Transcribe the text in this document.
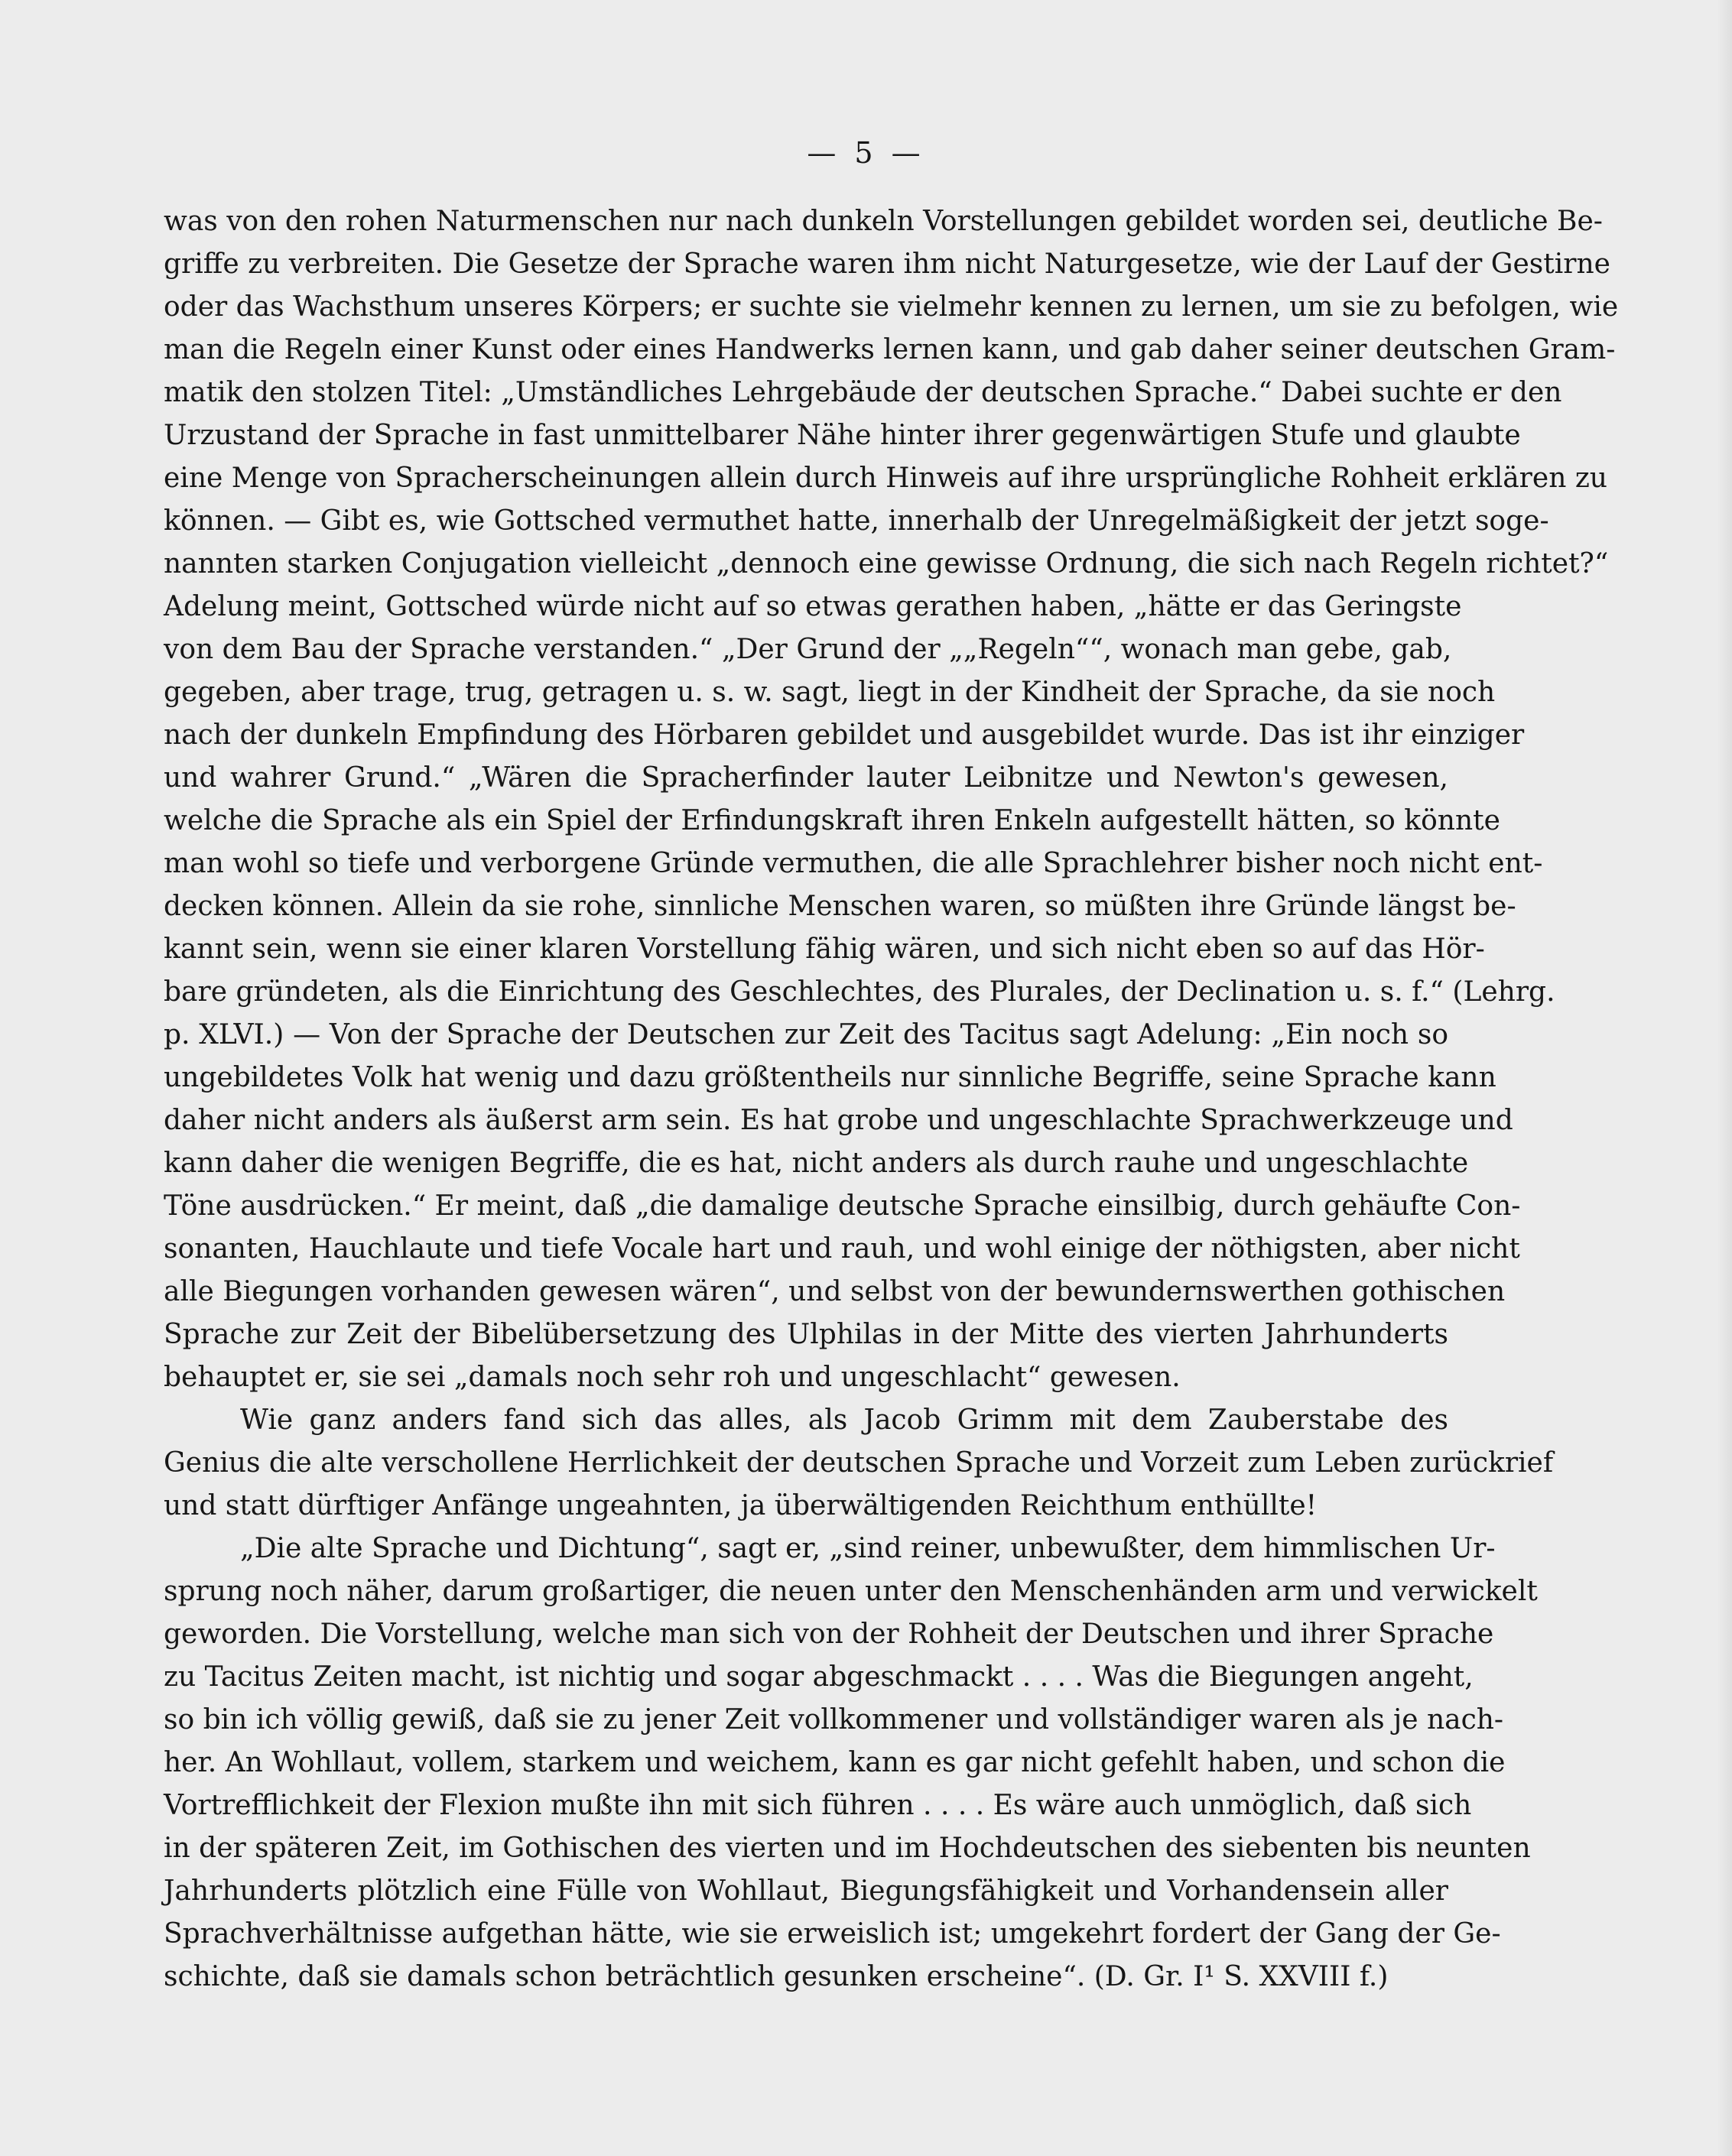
— 5 —
was von den rohen Naturmenschen nur nach dunkeln Vorstellungen gebildet worden sei, deutliche Be-
griffe zu verbreiten. Die Gesetze der Sprache waren ihm nicht Naturgesetze, wie der Lauf der Gestirne
oder das Wachsthum unseres Körpers; er suchte sie vielmehr kennen zu lernen, um sie zu befolgen, wie
man die Regeln einer Kunst oder eines Handwerks lernen kann, und gab daher seiner deutschen Gram-
matik den stolzen Titel: „Umständliches Lehrgebäude der deutschen Sprache.“ Dabei suchte er den
Urzustand der Sprache in fast unmittelbarer Nähe hinter ihrer gegenwärtigen Stufe und glaubte
eine Menge von Spracherscheinungen allein durch Hinweis auf ihre ursprüngliche Rohheit erklären zu
können. — Gibt es, wie Gottsched vermuthet hatte, innerhalb der Unregelmäßigkeit der jetzt soge-
nannten starken Conjugation vielleicht „dennoch eine gewisse Ordnung, die sich nach Regeln richtet?“
Adelung meint, Gottsched würde nicht auf so etwas gerathen haben, „hätte er das Geringste
von dem Bau der Sprache verstanden.“ „Der Grund der „„Regeln““, wonach man gebe, gab,
gegeben, aber trage, trug, getragen u. s. w. sagt, liegt in der Kindheit der Sprache, da sie noch
nach der dunkeln Empfindung des Hörbaren gebildet und ausgebildet wurde. Das ist ihr einziger
und wahrer Grund.“ „Wären die Spracherfinder lauter Leibnitze und Newton's gewesen,
welche die Sprache als ein Spiel der Erfindungskraft ihren Enkeln aufgestellt hätten, so könnte
man wohl so tiefe und verborgene Gründe vermuthen, die alle Sprachlehrer bisher noch nicht ent-
decken können. Allein da sie rohe, sinnliche Menschen waren, so müßten ihre Gründe längst be-
kannt sein, wenn sie einer klaren Vorstellung fähig wären, und sich nicht eben so auf das Hör-
bare gründeten, als die Einrichtung des Geschlechtes, des Plurales, der Declination u. s. f.“ (Lehrg.
p. XLVI.) — Von der Sprache der Deutschen zur Zeit des Tacitus sagt Adelung: „Ein noch so
ungebildetes Volk hat wenig und dazu größtentheils nur sinnliche Begriffe, seine Sprache kann
daher nicht anders als äußerst arm sein. Es hat grobe und ungeschlachte Sprachwerkzeuge und
kann daher die wenigen Begriffe, die es hat, nicht anders als durch rauhe und ungeschlachte
Töne ausdrücken.“ Er meint, daß „die damalige deutsche Sprache einsilbig, durch gehäufte Con-
sonanten, Hauchlaute und tiefe Vocale hart und rauh, und wohl einige der nöthigsten, aber nicht
alle Biegungen vorhanden gewesen wären“, und selbst von der bewundernswerthen gothischen
Sprache zur Zeit der Bibelübersetzung des Ulphilas in der Mitte des vierten Jahrhunderts
behauptet er, sie sei „damals noch sehr roh und ungeschlacht“ gewesen.
Wie ganz anders fand sich das alles, als Jacob Grimm mit dem Zauberstabe des
Genius die alte verschollene Herrlichkeit der deutschen Sprache und Vorzeit zum Leben zurückrief
und statt dürftiger Anfänge ungeahnten, ja überwältigenden Reichthum enthüllte!
„Die alte Sprache und Dichtung“, sagt er, „sind reiner, unbewußter, dem himmlischen Ur-
sprung noch näher, darum großartiger, die neuen unter den Menschenhänden arm und verwickelt
geworden. Die Vorstellung, welche man sich von der Rohheit der Deutschen und ihrer Sprache
zu Tacitus Zeiten macht, ist nichtig und sogar abgeschmackt . . . . Was die Biegungen angeht,
so bin ich völlig gewiß, daß sie zu jener Zeit vollkommener und vollständiger waren als je nach-
her. An Wohllaut, vollem, starkem und weichem, kann es gar nicht gefehlt haben, und schon die
Vortrefflichkeit der Flexion mußte ihn mit sich führen . . . . Es wäre auch unmöglich, daß sich
in der späteren Zeit, im Gothischen des vierten und im Hochdeutschen des siebenten bis neunten
Jahrhunderts plötzlich eine Fülle von Wohllaut, Biegungsfähigkeit und Vorhandensein aller
Sprachverhältnisse aufgethan hätte, wie sie erweislich ist; umgekehrt fordert der Gang der Ge-
schichte, daß sie damals schon beträchtlich gesunken erscheine“. (D. Gr. I¹ S. XXVIII f.)
